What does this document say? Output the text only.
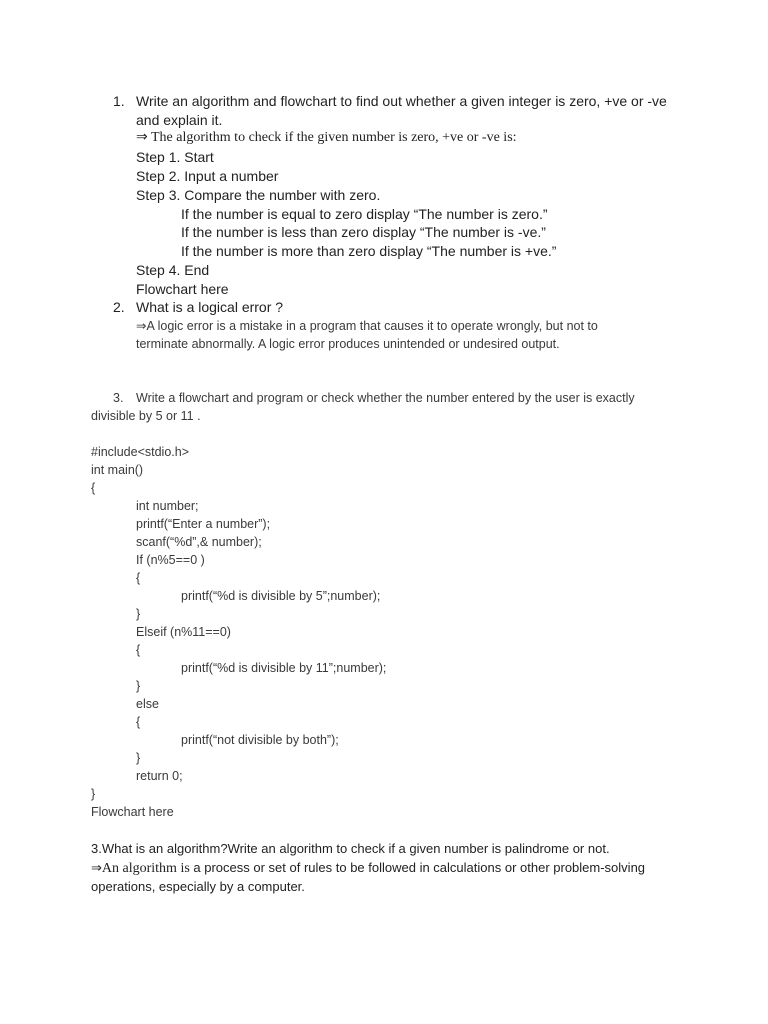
1. Write an algorithm and flowchart to find out whether a given integer is zero, +ve or -ve
and explain it.
⇒ The algorithm to check if the given number is zero, +ve or -ve is:
Step 1. Start
Step 2. Input a number
Step 3. Compare the number with zero.
If the number is equal to zero display “The number is zero.”
If the number is less than zero display “The number is -ve.”
If the number is more than zero display “The number is +ve.”
Step 4. End
Flowchart here
2. What is a logical error ?
⇒A logic error is a mistake in a program that causes it to operate wrongly, but not to
terminate abnormally. A logic error produces unintended or undesired output.
3. Write a flowchart and program or check whether the number entered by the user is exactly
divisible by 5 or 11 .
#include<stdio.h>
int main()
{
int number;
printf(“Enter a number”);
scanf(“%d”,& number);
If (n%5==0 )
{
printf(“%d is divisible by 5”;number);
}
Elseif (n%11==0)
{
printf(“%d is divisible by 11”;number);
}
else
{
printf(“not divisible by both”);
}
return 0;
}
Flowchart here
3.What is an algorithm?Write an algorithm to check if a given number is palindrome or not.
⇒An algorithm is a process or set of rules to be followed in calculations or other problem-solving
operations, especially by a computer.
